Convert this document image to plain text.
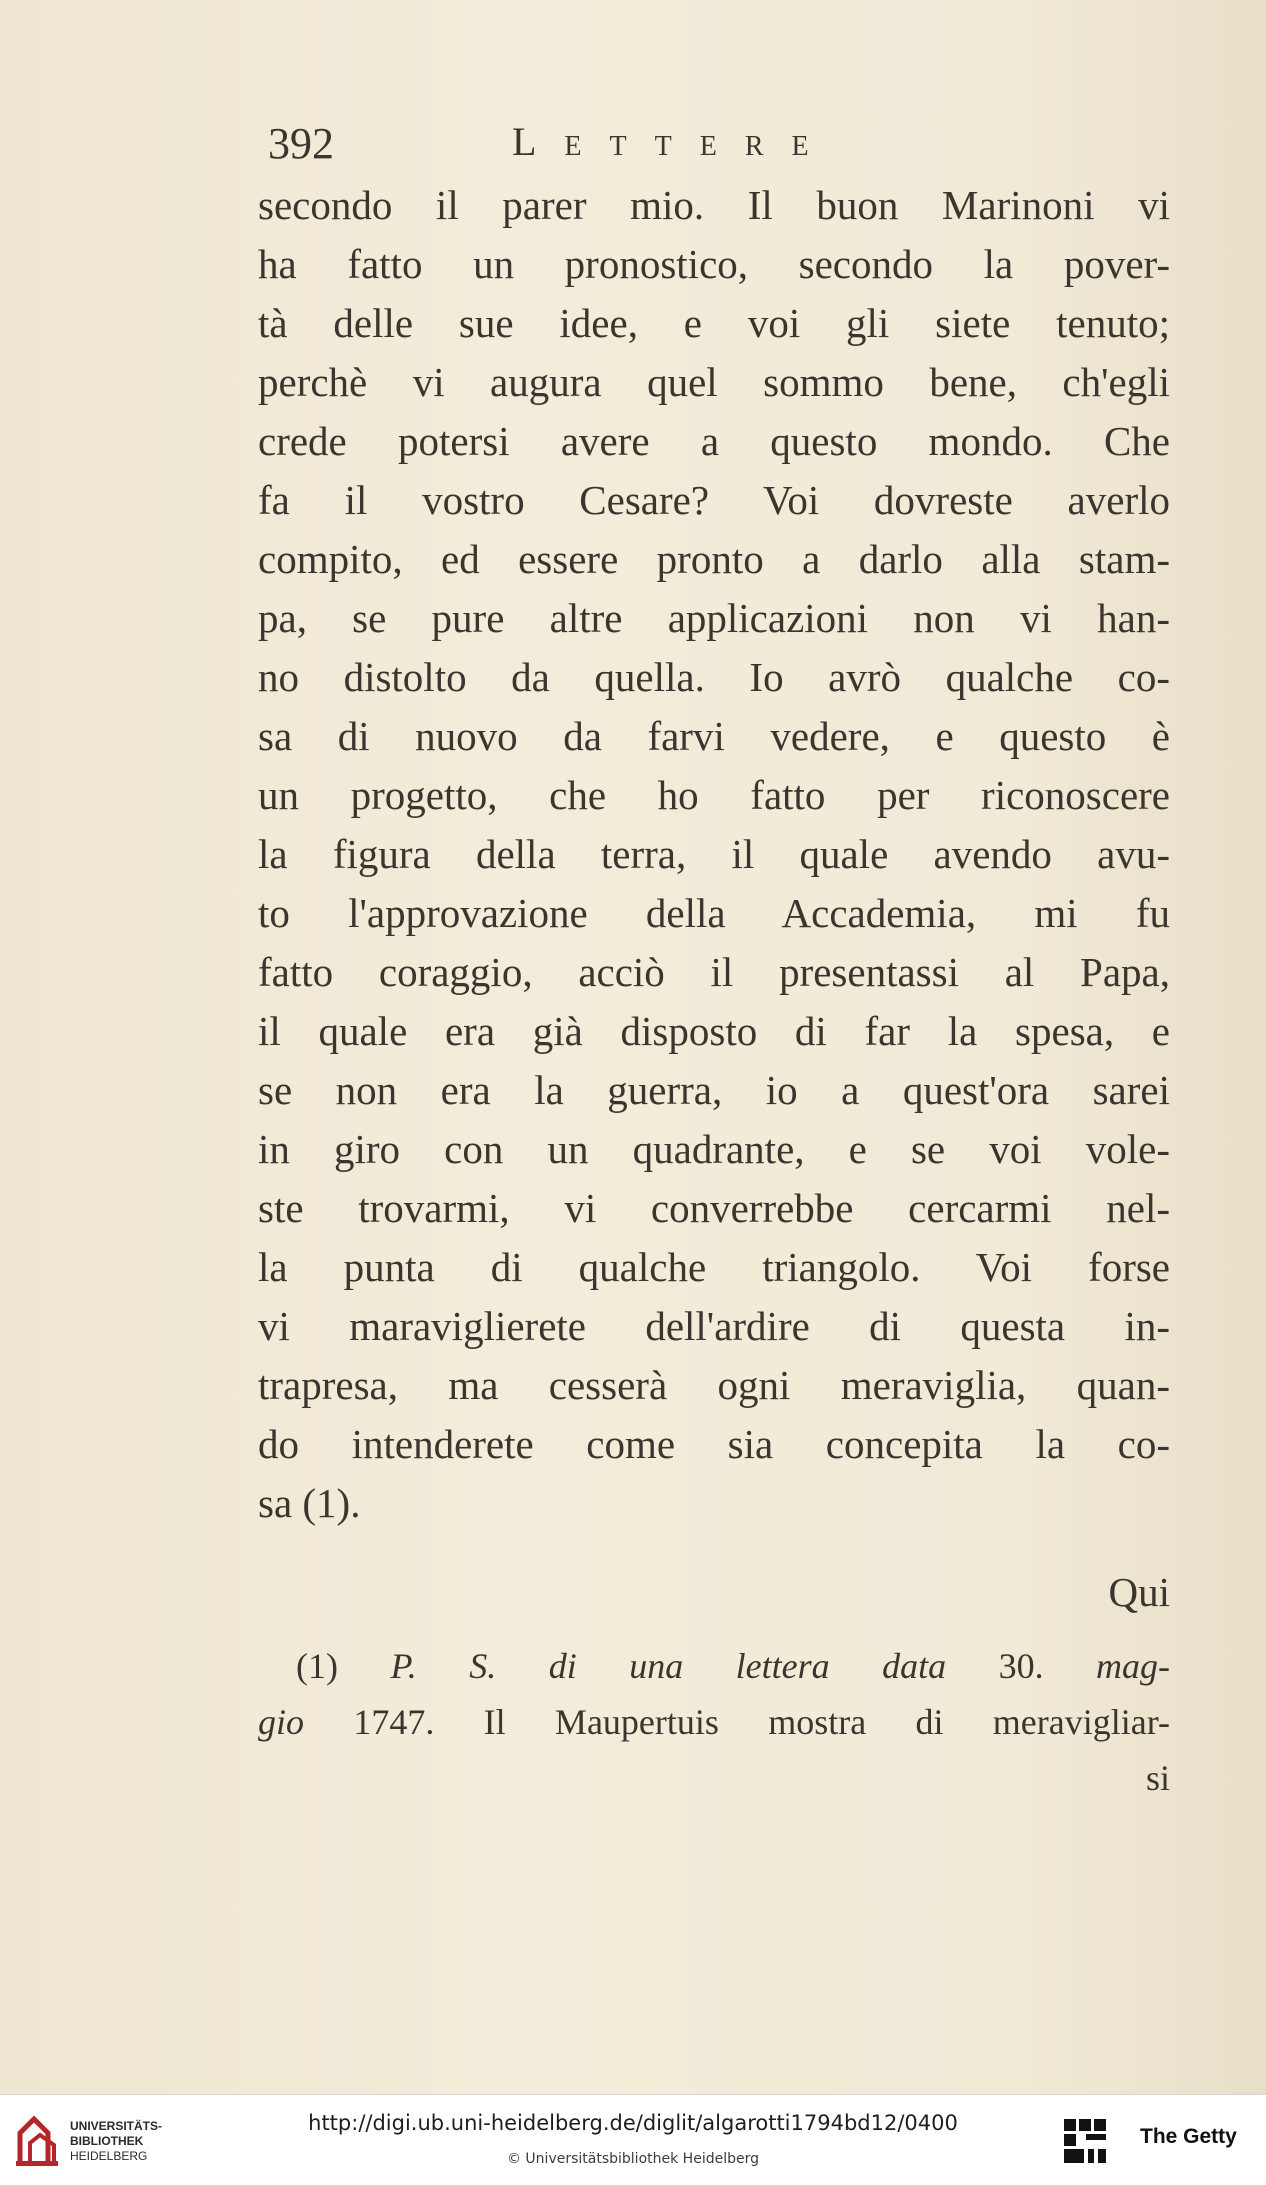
392	Lettere
secondo il parer mio. Il buon Marinoni vi
ha fatto un pronostico, secondo la pover-
tà delle sue idee, e voi gli siete tenuto;
perchè vi augura quel sommo bene, ch'egli
crede potersi avere a questo mondo. Che
fa il vostro Cesare? Voi dovreste averlo
compito, ed essere pronto a darlo alla stam-
pa, se pure altre applicazioni non vi han-
no distolto da quella. Io avrò qualche co-
sa di nuovo da farvi vedere, e questo è
un progetto, che ho fatto per riconoscere
la figura della terra, il quale avendo avu-
to l'approvazione della Accademia, mi fu
fatto coraggio, acciò il presentassi al Papa,
il quale era già disposto di far la spesa, e
se non era la guerra, io a quest'ora sarei
in giro con un quadrante, e se voi vole-
ste trovarmi, vi converrebbe cercarmi nel-
la punta di qualche triangolo. Voi forse
vi maraviglierete dell'ardire di questa in-
trapresa, ma cesserà ogni meraviglia, quan-
do intenderete come sia concepita la co-
sa (1).
Qui
(1) P. S. di una lettera data 30. mag-
gio 1747. Il Maupertuis mostra di meravigliar-
si
UNIVERSITÄTS-
BIBLIOTHEK
HEIDELBERG
http://digi.ub.uni-heidelberg.de/diglit/algarotti1794bd12/0400
© Universitätsbibliothek Heidelberg
The Getty
